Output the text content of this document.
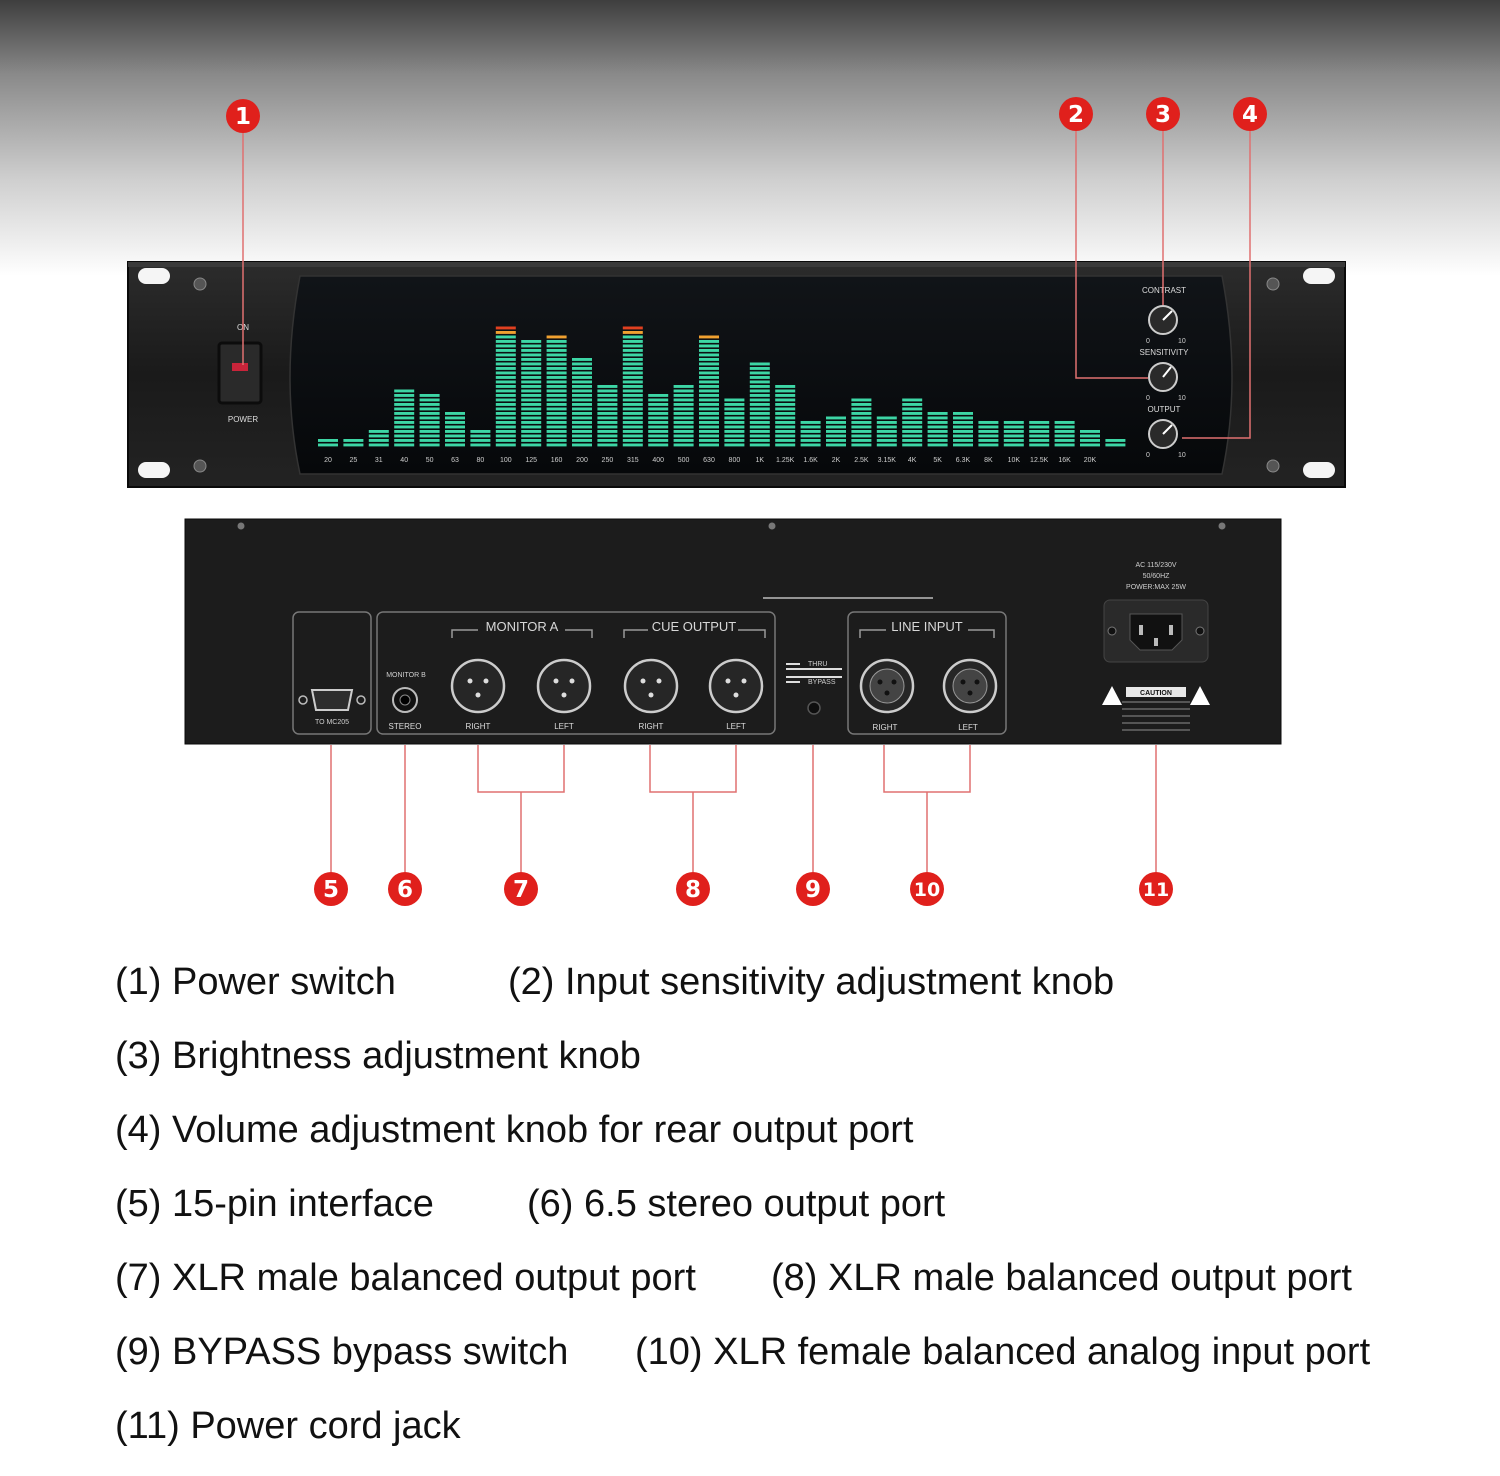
ON
POWER
20	25	31	40	50	63	80 100 125 160 200 250 315 400 500 630 800 1K 1.25K 1.6K 2K 2.5K 3.15K 4K 5K 6.3K 8K 10K 12.5K 16K 20K
CONTRAST
0	10
SENSITIVITY
0	10
OUTPUT
0	10
TO MC205
MONITOR B
STEREO
MONITOR A
RIGHT	LEFT
CUE OUTPUT
RIGHT	LEFT
THRU
BYPASS
LINE INPUT
RIGHT	LEFT
AC 115/230V
50/60HZ
POWER:MAX 25W
CAUTION
1	2	3	4
5	6	7	8	9	10	11
(1) Power switch	(2) Input sensitivity adjustment knob
(3) Brightness adjustment knob
(4) Volume adjustment knob for rear output port
(5) 15-pin interface (6) 6.5 stereo output port
(7) XLR male balanced output port (8) XLR male balanced output port
(9) BYPASS bypass switch (10) XLR female balanced analog input port
(11) Power cord jack
